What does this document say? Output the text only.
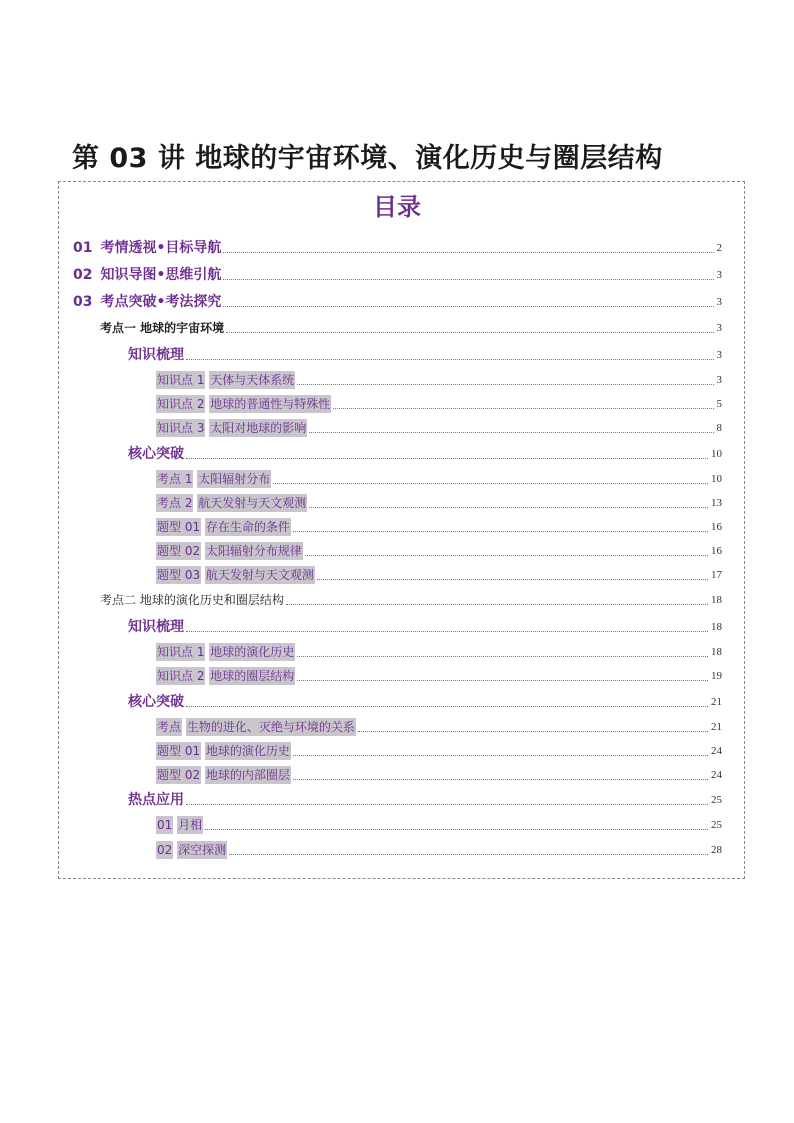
第 03 讲 地球的宇宙环境、演化历史与圈层结构
目录
01 考情透视•目标导航	2
02 知识导图•思维引航	3
03 考点突破•考法探究	3
考点一 地球的宇宙环境	3
知识梳理	3
知识点 1 天体与天体系统	3
知识点 2 地球的普通性与特殊性	5
知识点 3 太阳对地球的影响	8
核心突破	10
考点 1 太阳辐射分布	10
考点 2 航天发射与天文观测	13
题型 01 存在生命的条件	16
题型 02 太阳辐射分布规律	16
题型 03 航天发射与天文观测	17
考点二 地球的演化历史和圈层结构	18
知识梳理	18
知识点 1 地球的演化历史	18
知识点 2 地球的圈层结构	19
核心突破	21
考点 生物的进化、灭绝与环境的关系	21
题型 01 地球的演化历史	24
题型 02 地球的内部圈层	24
热点应用	25
01 月相	25
02 深空探测	28
